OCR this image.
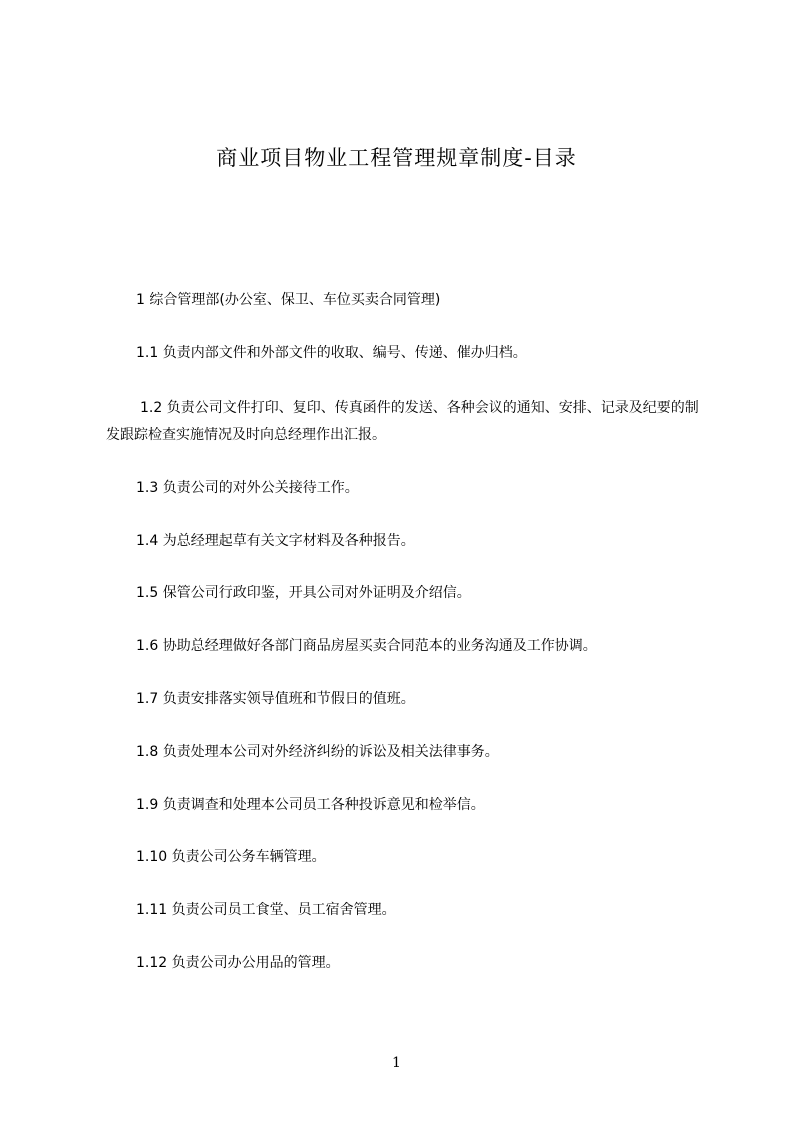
商业项目物业工程管理规章制度-目录
1 综合管理部(办公室、保卫、车位买卖合同管理)
1.1 负责内部文件和外部文件的收取、编号、传递、催办归档。
1.2 负责公司文件打印、复印、传真函件的发送、各种会议的通知、安排、记录及纪要的制发跟踪检查实施情况及时向总经理作出汇报。
1.3 负责公司的对外公关接待工作。
1.4 为总经理起草有关文字材料及各种报告。
1.5 保管公司行政印鉴，开具公司对外证明及介绍信。
1.6 协助总经理做好各部门商品房屋买卖合同范本的业务沟通及工作协调。
1.7 负责安排落实领导值班和节假日的值班。
1.8 负责处理本公司对外经济纠纷的诉讼及相关法律事务。
1.9 负责调查和处理本公司员工各种投诉意见和检举信。
1.10 负责公司公务车辆管理。
1.11 负责公司员工食堂、员工宿舍管理。
1.12 负责公司办公用品的管理。
1
